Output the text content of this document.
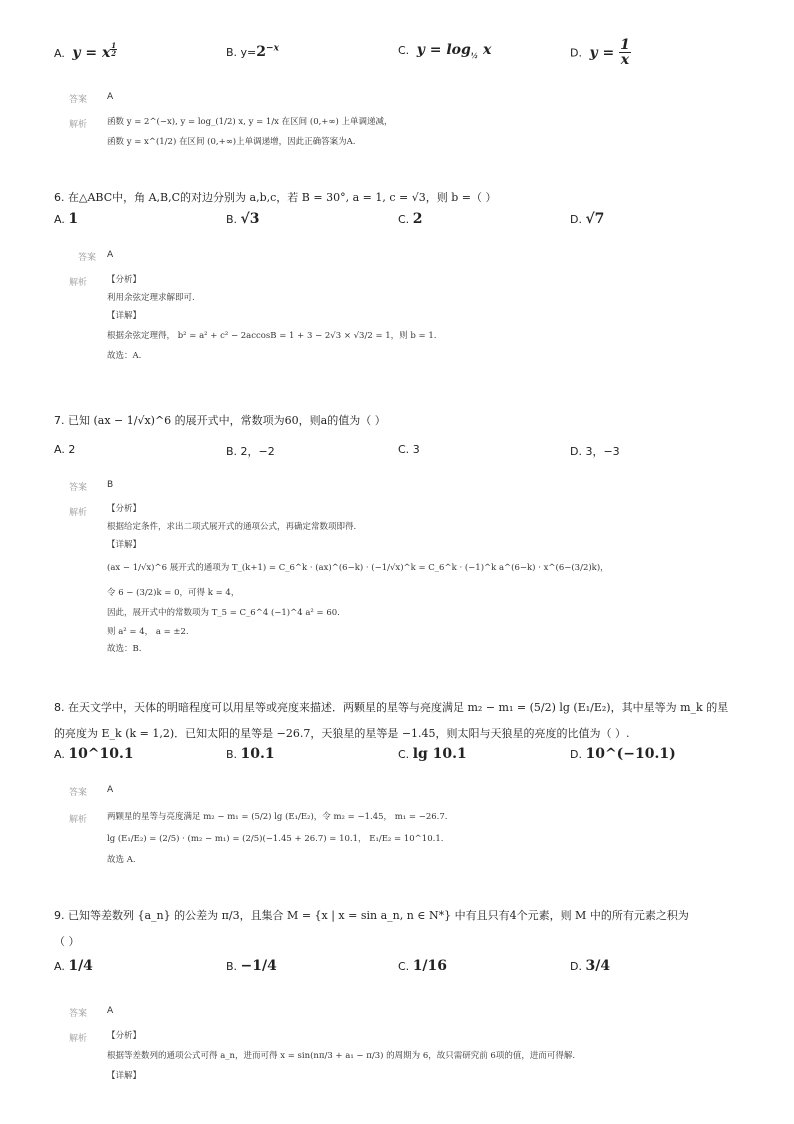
A. y = x $^{\frac{1}{2}}$	B. $y=2^{-x}$	C. $y = \log_{\frac{1}{2}} x$	D. $y = \frac{1}{x}$
答案 A
解析 函数 y = 2^(−x), y = log_(1/2) x, y = 1/x 在区间 (0,+∞) 上单调递减，
函数 y = x^(1/2) 在区间 (0,+∞)上单调递增，因此正确答案为A.
6. 在△ABC中，角 A,B,C的对边分别为 a,b,c，若 B = 30°, a = 1, c = √3，则 b =（ ）
A. 1	B. √3	C. 2	D. √7
答案 A
解析 【分析】
利用余弦定理求解即可.
【详解】
根据余弦定理得， b² = a² + c² − 2accosB = 1 + 3 − 2√3 × √3/2 = 1，则 b = 1.
故选：A.
7. 已知 (ax − 1/√x)^6 的展开式中，常数项为60，则a的值为（ ）
A. 2	B. 2，−2	C. 3	D. 3，−3
答案 B
解析 【分析】
根据给定条件，求出二项式展开式的通项公式，再确定常数项即得.
【详解】
(ax − 1/√x)^6 展开式的通项为 T_(k+1) = C_6^k · (ax)^(6−k) · (−1/√x)^k = C_6^k · (−1)^k a^(6−k) · x^(6−(3/2)k)，
令 6 − (3/2)k = 0，可得 k = 4，
因此，展开式中的常数项为 T_5 = C_6^4 (−1)^4 a² = 60.
则 a² = 4， a = ±2.
故选：B.
8. 在天文学中，天体的明暗程度可以用星等或亮度来描述．两颗星的星等与亮度满足 m₂ − m₁ = (5/2) lg (E₁/E₂)，其中星等为 m_k 的星
的亮度为 E_k (k = 1,2)．已知太阳的星等是 −26.7，天狼星的星等是 −1.45，则太阳与天狼星的亮度的比值为（ ）.
A. 10^10.1	B. 10.1	C. lg 10.1	D. 10^(−10.1)
答案 A
解析 两颗星的星等与亮度满足 m₂ − m₁ = (5/2) lg (E₁/E₂)，令 m₂ = −1.45， m₁ = −26.7.
lg (E₁/E₂) = (2/5) · (m₂ − m₁) = (2/5)(−1.45 + 26.7) = 10.1， E₁/E₂ = 10^10.1.
故选 A.
9. 已知等差数列 {a_n} 的公差为 π/3，且集合 M = {x | x = sin a_n, n ∈ N*} 中有且只有4个元素，则 M 中的所有元素之积为
（ ）
A. 1/4	B. −1/4	C. 1/16	D. 3/4
答案 A
解析 【分析】
根据等差数列的通项公式可得 a_n，进而可得 x = sin(nπ/3 + a₁ − π/3) 的周期为 6，故只需研究前 6项的值，进而可得解.
【详解】
